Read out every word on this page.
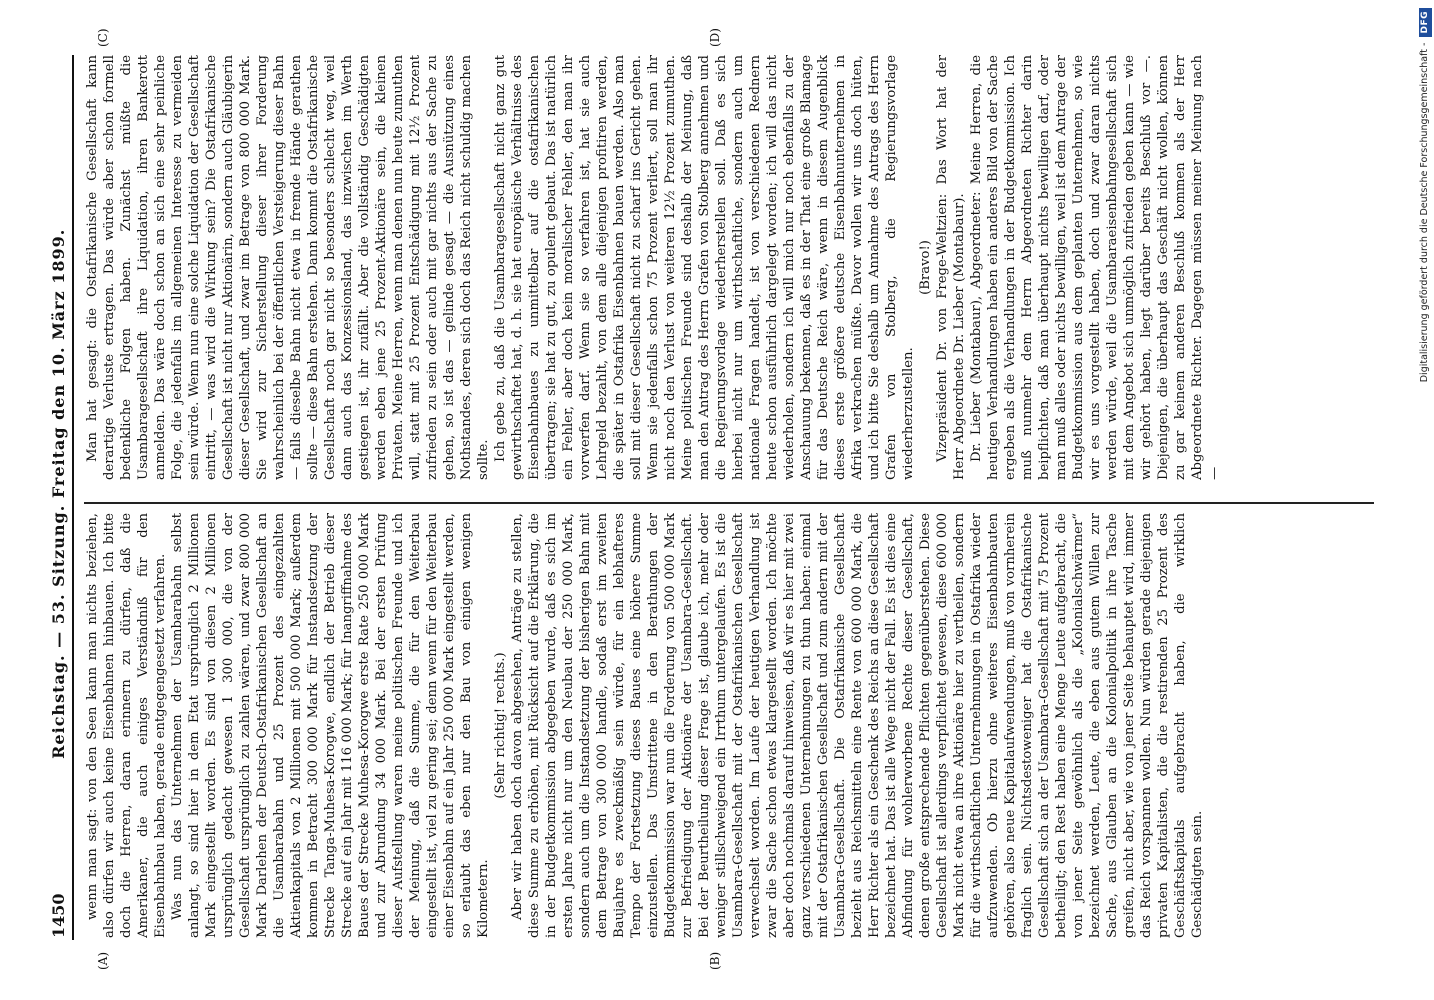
1450
Reichstag. — 53. Sitzung. Freitag den 10. März 1899.
(A)	(B)
(C)	(D)

wenn man sagt: von den Seen kann man nichts beziehen, also dürfen wir auch keine Eisenbahnen hinbauen. Ich bitte doch die Herren, daran erinnern zu dürfen, daß die Amerikaner, die auch einiges Verständniß für den Eisenbahnbau haben, gerade entgegengesetzt verfahren. Was nun das Unternehmen der Usambarabahn selbst anlangt, so sind hier in dem Etat ursprünglich 2 Millionen Mark eingestellt worden. Es sind von diesen 2 Millionen ursprünglich gedacht gewesen 1 300 000, die von der Gesellschaft ursprünglich zu zahlen wären, und zwar 800 000 Mark Darlehen der Deutsch-Ostafrikanischen Gesellschaft an die Usambarabahn und 25 Prozent des eingezahlten Aktienkapitals von 2 Millionen mit 500 000 Mark; außerdem kommen in Betracht 300 000 Mark für Instandsetzung der Strecke Tanga-Muhesa-Korogwe, endlich der Betrieb dieser Strecke auf ein Jahr mit 116 000 Mark; für Inangriffnahme des Baues der Strecke Muhesa-Korogwe erste Rate 250 000 Mark und zur Abrundung 34 000 Mark. Bei der ersten Prüfung dieser Aufstellung waren meine politischen Freunde und ich der Meinung, daß die Summe, die für den Weiterbau eingestellt ist, viel zu gering sei; denn wenn für den Weiterbau einer Eisenbahn auf ein Jahr 250 000 Mark eingestellt werden, so erlaubt das eben nur den Bau von einigen wenigen Kilometern.

(Sehr richtig! rechts.) Aber wir haben doch davon abgesehen, Anträge zu stellen, diese Summe zu erhöhen, mit Rücksicht auf die Erklärung, die in der Budgetkommission abgegeben wurde, daß es sich im ersten Jahre nicht nur um den Neubau der 250 000 Mark, sondern auch um die Instandsetzung der bisherigen Bahn mit dem Betrage von 300 000 handle, sodaß erst im zweiten Baujahre es zweckmäßig sein würde, für ein lebhafteres Tempo der Fortsetzung dieses Baues eine höhere Summe einzustellen. Das Umstrittene in den Berathungen der Budgetkommission war nun die Forderung von 500 000 Mark zur Befriedigung der Aktionäre der Usambara-Gesellschaft. Bei der Beurtheilung dieser Frage ist, glaube ich, mehr oder weniger stillschweigend ein Irrthum untergelaufen. Es ist die Usambara-Gesellschaft mit der Ostafrikanischen Gesellschaft verwechselt worden. Im Laufe der heutigen Verhandlung ist zwar die Sache schon etwas klargestellt worden. Ich möchte aber doch nochmals darauf hinweisen, daß wir es hier mit zwei ganz verschiedenen Unternehmungen zu thun haben: einmal mit der Ostafrikanischen Gesellschaft und zum andern mit der Usambara-Gesellschaft. Die Ostafrikanische Gesellschaft bezieht aus Reichsmitteln eine Rente von 600 000 Mark, die Herr Richter als ein Geschenk des Reichs an diese Gesellschaft bezeichnet hat. Das ist alle Wege nicht der Fall. Es ist dies eine Abfindung für wohlerworbene Rechte dieser Gesellschaft, denen große entsprechende Pflichten gegenüberstehen. Diese Gesellschaft ist allerdings verpflichtet gewesen, diese 600 000 Mark nicht etwa an ihre Aktionäre hier zu vertheilen, sondern für die wirthschaftlichen Unternehmungen in Ostafrika wieder aufzuwenden. Ob hierzu ohne weiteres Eisenbahnbauten gehören, also neue Kapitalaufwendungen, muß von vornherein fraglich sein. Nichtsdestoweniger hat die Ostafrikanische Gesellschaft sich an der Usambara-Gesellschaft mit 75 Prozent betheiligt; den Rest haben eine Menge Leute aufgebracht, die von jener Seite gewöhnlich als die „Kolonialschwärmer“ bezeichnet werden, Leute, die eben aus gutem Willen zur Sache, aus Glauben an die Kolonialpolitik in ihre Tasche greifen, nicht aber, wie von jener Seite behauptet wird, immer das Reich vorspannen wollen. Nun würden gerade diejenigen privaten Kapitalisten, die die restirenden 25 Prozent des Geschäftskapitals aufgebracht haben, die wirklich Geschädigten sein.

Man hat gesagt: die Ostafrikanische Gesellschaft kann derartige Verluste ertragen. Das würde aber schon formell bedenkliche Folgen haben. Zunächst müßte die Usambaragesellschaft ihre Liquidation, ihren Bankerott anmelden. Das wäre doch schon an sich eine sehr peinliche Folge, die jedenfalls im allgemeinen Interesse zu vermeiden sein würde. Wenn nun eine solche Liquidation der Gesellschaft eintritt, — was wird die Wirkung sein? Die Ostafrikanische Gesellschaft ist nicht nur Aktionärin, sondern auch Gläubigerin dieser Gesellschaft, und zwar im Betrage von 800 000 Mark. Sie wird zur Sicherstellung dieser ihrer Forderung wahrscheinlich bei der öffentlichen Versteigerung dieser Bahn — falls dieselbe Bahn nicht etwa in fremde Hände gerathen sollte — diese Bahn erstehen. Dann kommt die Ostafrikanische Gesellschaft noch gar nicht so besonders schlecht weg, weil dann auch das Konzessionsland, das inzwischen im Werth gestiegen ist, ihr zufällt. Aber die vollständig Geschädigten werden eben jene 25 Prozent-Aktionäre sein, die kleinen Privaten. Meine Herren, wenn man denen nun heute zumuthen will, statt mit 25 Prozent Entschädigung mit 12½ Prozent zufrieden zu sein oder auch mit gar nichts aus der Sache zu gehen, so ist das — gelinde gesagt — die Ausnützung eines Nothstandes, deren sich doch das Reich nicht schuldig machen sollte. Ich gebe zu, daß die Usambaragesellschaft nicht ganz gut gewirthschaftet hat, d. h. sie hat europäische Verhältnisse des Eisenbahnbaues zu unmittelbar auf die ostafrikanischen übertragen; sie hat zu gut, zu opulent gebaut. Das ist natürlich ein Fehler, aber doch kein moralischer Fehler, den man ihr vorwerfen darf. Wenn sie so verfahren ist, hat sie auch Lehrgeld bezahlt, von dem alle diejenigen profitiren werden, die später in Ostafrika Eisenbahnen bauen werden. Also man soll mit dieser Gesellschaft nicht zu scharf ins Gericht gehen. Wenn sie jedenfalls schon 75 Prozent verliert, soll man ihr nicht noch den Verlust von weiteren 12½ Prozent zumuthen. Meine politischen Freunde sind deshalb der Meinung, daß man den Antrag des Herrn Grafen von Stolberg annehmen und die Regierungsvorlage wiederherstellen soll. Daß es sich hierbei nicht nur um wirthschaftliche, sondern auch um nationale Fragen handelt, ist von verschiedenen Rednern heute schon ausführlich dargelegt worden; ich will das nicht wiederholen, sondern ich will mich nur noch ebenfalls zu der Anschauung bekennen, daß es in der That eine große Blamage für das Deutsche Reich wäre, wenn in diesem Augenblick dieses erste größere deutsche Eisenbahnunternehmen in Afrika verkrachen müßte. Davor wollen wir uns doch hüten, und ich bitte Sie deshalb um Annahme des Antrags des Herrn Grafen von Stolberg, die Regierungsvorlage wiederherzustellen.

(Bravo!) Vizepräsident Dr. von Frege-Weltzien: Das Wort hat der Herr Abgeordnete Dr. Lieber (Montabaur). Dr. Lieber (Montabaur), Abgeordneter: Meine Herren, die heutigen Verhandlungen haben ein anderes Bild von der Sache ergeben als die Verhandlungen in der Budgetkommission. Ich muß nunmehr dem Herrn Abgeordneten Richter darin beipflichten, daß man überhaupt nichts bewilligen darf, oder man muß alles oder nichts bewilligen, weil ist dem Antrage der Budgetkommission aus dem geplanten Unternehmen, so wie wir es uns vorgestellt haben, doch und zwar daran nichts werden würde, weil die Usambaraeisenbahngesellschaft sich mit dem Angebot sich unmöglich zufrieden geben kann — wie wir gehört haben, liegt darüber bereits Beschluß vor —. Diejenigen, die überhaupt das Geschäft nicht wollen, können zu gar keinem anderen Beschluß kommen als der Herr Abgeordnete Richter. Dagegen müssen meiner Meinung nach —

Digitalisierung gefördert durch die Deutsche Forschungsgemeinschaft -
DFG
